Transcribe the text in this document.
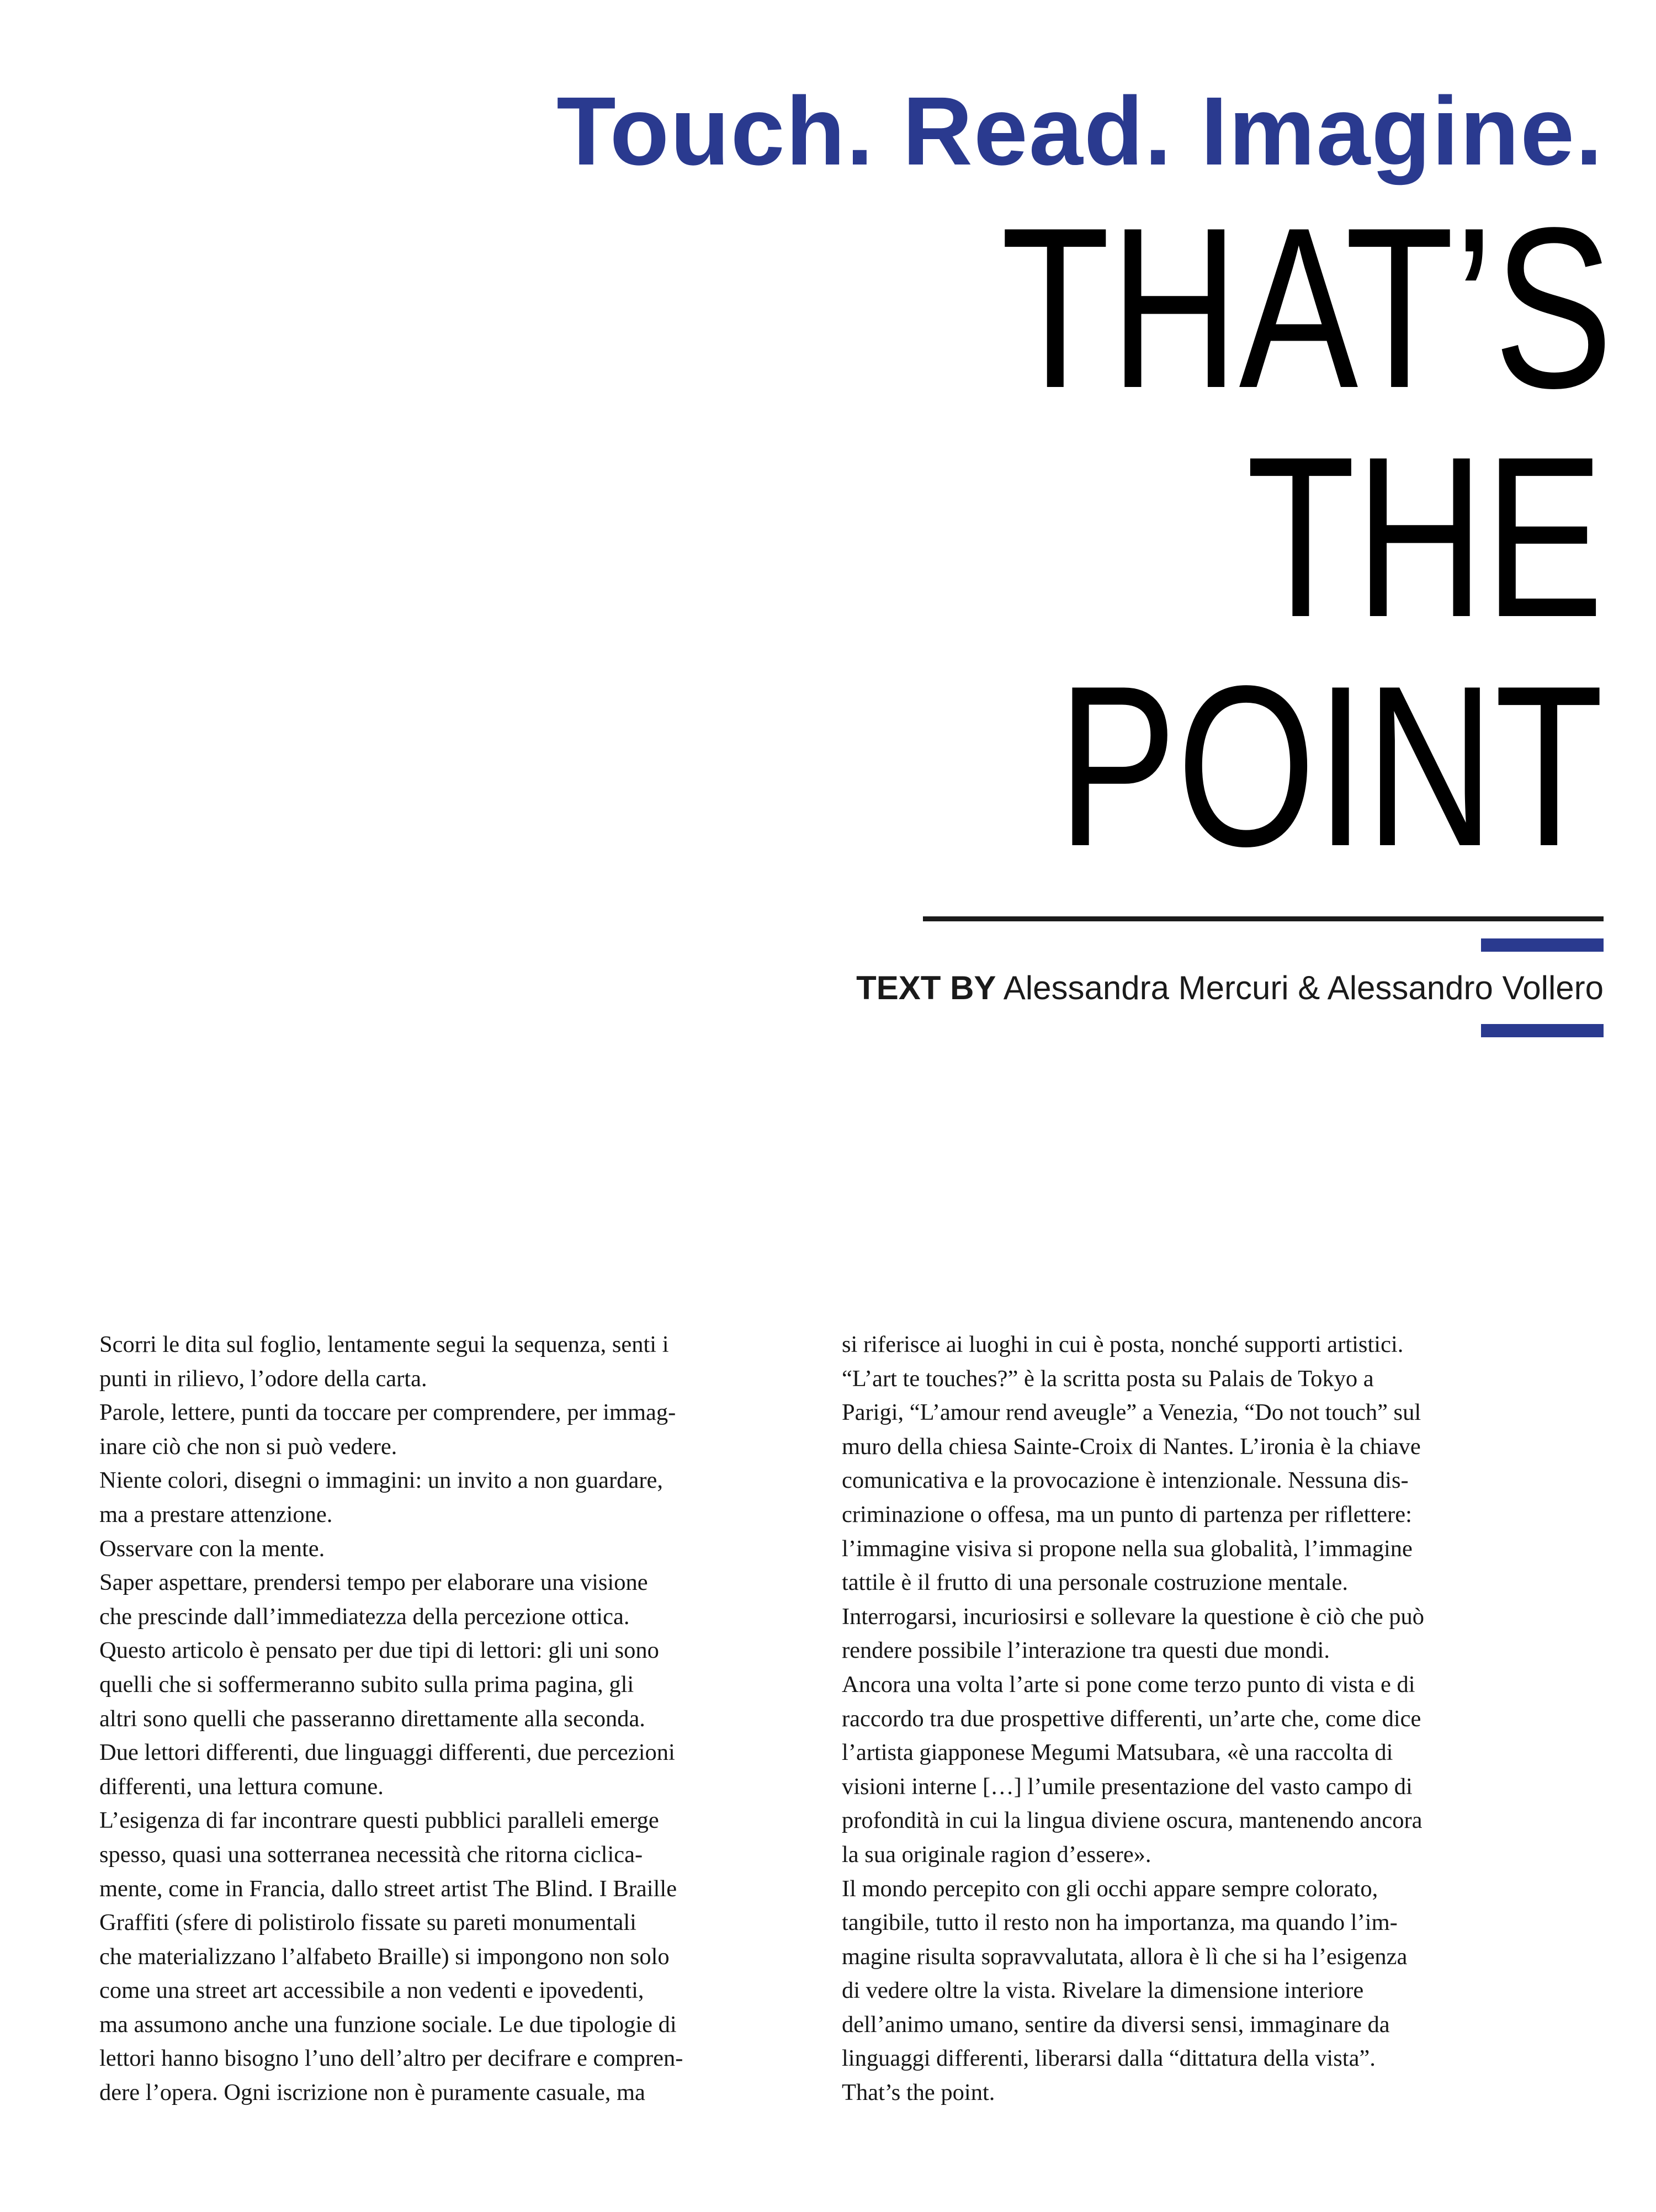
Touch. Read. Imagine.
THAT’S
THE
POINT

TEXT BY Alessandra Mercuri & Alessandro Vollero

Scorri le dita sul foglio, lentamente segui la sequenza, senti i
punti in rilievo, l’odore della carta.

Parole, lettere, punti da toccare per comprendere, per immag-
inare ciò che non si può vedere.

Niente colori, disegni o immagini: un invito a non guardare,
ma a prestare attenzione.

Osservare con la mente.

Saper aspettare, prendersi tempo per elaborare una visione
che prescinde dall’immediatezza della percezione ottica.

Questo articolo è pensato per due tipi di lettori: gli uni sono
quelli che si soffermeranno subito sulla prima pagina, gli
altri sono quelli che passeranno direttamente alla seconda.

Due lettori differenti, due linguaggi differenti, due percezioni
differenti, una lettura comune.

L’esigenza di far incontrare questi pubblici paralleli emerge
spesso, quasi una sotterranea necessità che ritorna ciclica-
mente, come in Francia, dallo street artist The Blind. I Braille
Graffiti (sfere di polistirolo fissate su pareti monumentali
che materializzano l’alfabeto Braille) si impongono non solo
come una street art accessibile a non vedenti e ipovedenti,
ma assumono anche una funzione sociale. Le due tipologie di
lettori hanno bisogno l’uno dell’altro per decifrare e compren-
dere l’opera. Ogni iscrizione non è puramente casuale, ma

si riferisce ai luoghi in cui è posta, nonché supporti artistici.

“L’art te touches?” è la scritta posta su Palais de Tokyo a
Parigi, “L’amour rend aveugle” a Venezia, “Do not touch” sul
muro della chiesa Sainte-Croix di Nantes. L’ironia è la chiave
comunicativa e la provocazione è intenzionale. Nessuna dis-
criminazione o offesa, ma un punto di partenza per riflettere:
l’immagine visiva si propone nella sua globalità, l’immagine
tattile è il frutto di una personale costruzione mentale.

Interrogarsi, incuriosirsi e sollevare la questione è ciò che può
rendere possibile l’interazione tra questi due mondi.

Ancora una volta l’arte si pone come terzo punto di vista e di
raccordo tra due prospettive differenti, un’arte che, come dice
l’artista giapponese Megumi Matsubara, «è una raccolta di
visioni interne […] l’umile presentazione del vasto campo di
profondità in cui la lingua diviene oscura, mantenendo ancora
la sua originale ragion d’essere».

Il mondo percepito con gli occhi appare sempre colorato,
tangibile, tutto il resto non ha importanza, ma quando l’im-
magine risulta sopravvalutata, allora è lì che si ha l’esigenza
di vedere oltre la vista. Rivelare la dimensione interiore
dell’animo umano, sentire da diversi sensi, immaginare da
linguaggi differenti, liberarsi dalla “dittatura della vista”.

That’s the point.
